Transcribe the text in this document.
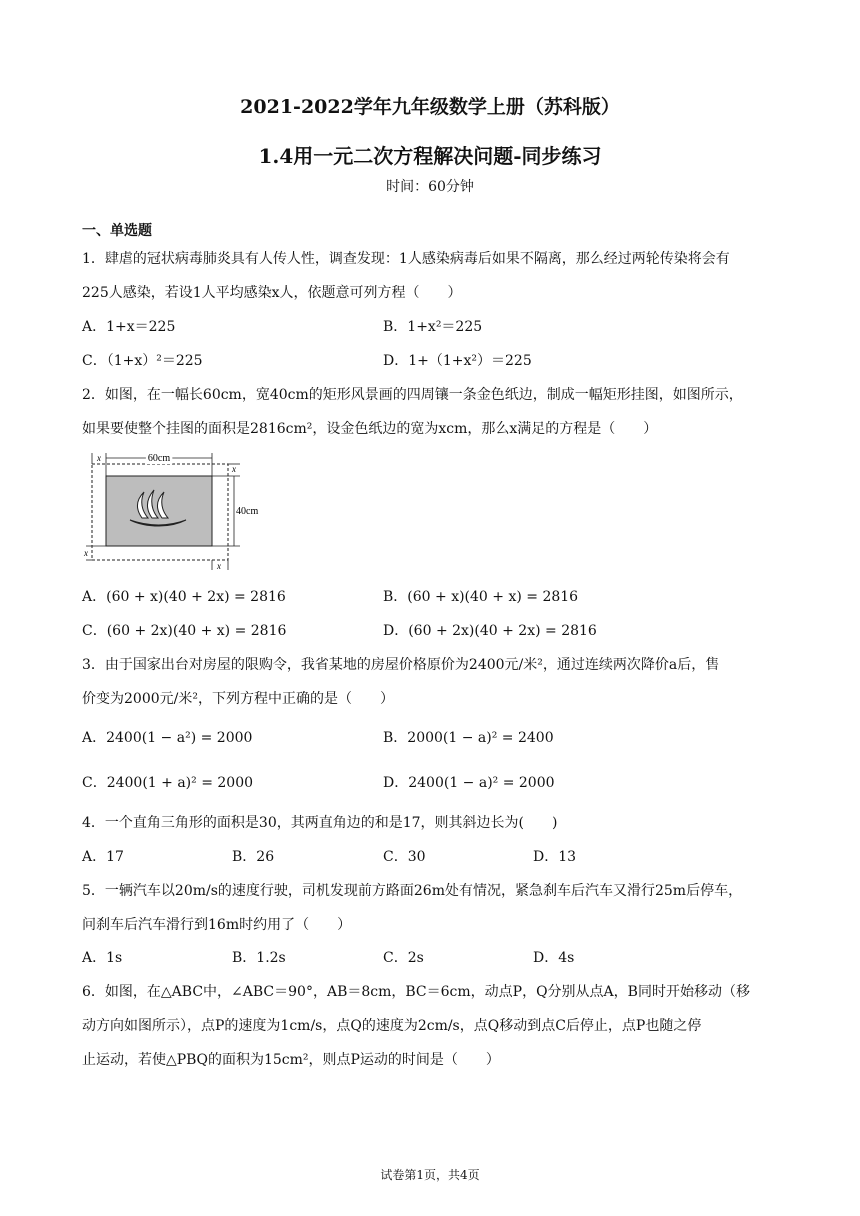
2021-2022学年九年级数学上册（苏科版）
1.4用一元二次方程解决问题-同步练习
时间：60分钟
一、单选题
1．肆虐的冠状病毒肺炎具有人传人性，调查发现：1人感染病毒后如果不隔离，那么经过两轮传染将会有
225人感染，若设1人平均感染x人，依题意可列方程（　　）
A．1+x＝225	B．1+x²＝225
C．（1+x）²＝225	D．1+（1+x²）＝225
2．如图，在一幅长60cm，宽40cm的矩形风景画的四周镶一条金色纸边，制成一幅矩形挂图，如图所示，
如果要使整个挂图的面积是2816cm²，设金色纸边的宽为xcm，那么x满足的方程是（　　）
60cm
x
40cm
x
x
x
A．(60 + x)(40 + 2x) = 2816	B．(60 + x)(40 + x) = 2816
C．(60 + 2x)(40 + x) = 2816	D．(60 + 2x)(40 + 2x) = 2816
3．由于国家出台对房屋的限购令，我省某地的房屋价格原价为2400元/米²，通过连续两次降价a后，售
价变为2000元/米²，下列方程中正确的是（　　）
A．2400(1 − a²) = 2000	B．2000(1 − a)² = 2400
C．2400(1 + a)² = 2000	D．2400(1 − a)² = 2000
4．一个直角三角形的面积是30，其两直角边的和是17，则其斜边长为(　　)
A．17	B．26	C．30	D．13
5．一辆汽车以20m/s的速度行驶，司机发现前方路面26m处有情况，紧急刹车后汽车又滑行25m后停车，
问刹车后汽车滑行到16m时约用了（　　）
A．1s	B．1.2s	C．2s	D．4s
6．如图，在△ABC中，∠ABC＝90°，AB＝8cm，BC＝6cm，动点P，Q分别从点A，B同时开始移动（移
动方向如图所示），点P的速度为1cm/s，点Q的速度为2cm/s，点Q移动到点C后停止，点P也随之停
止运动，若使△PBQ的面积为15cm²，则点P运动的时间是（　　）
试卷第1页，共4页
